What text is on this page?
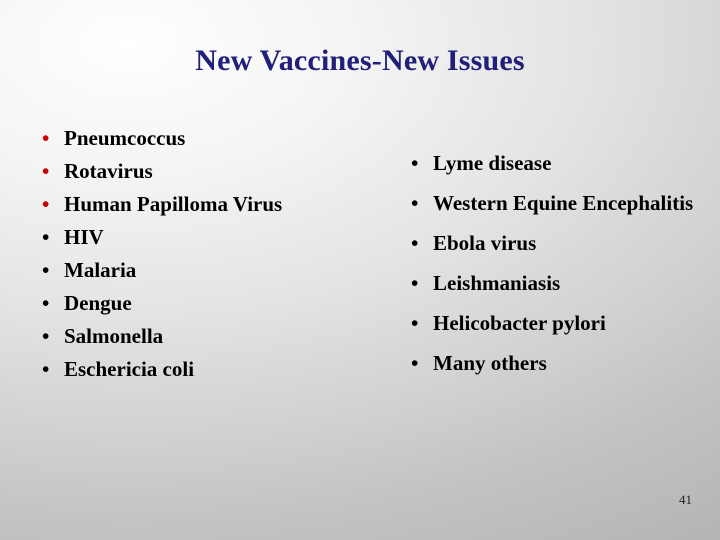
New Vaccines-New Issues
• Pneumcoccus
• Rotavirus
• Human Papilloma Virus
• HIV
• Malaria
• Dengue
• Salmonella
• Eschericia coli
• Lyme disease
• Western Equine Encephalitis
• Ebola virus
• Leishmaniasis
• Helicobacter pylori
• Many others
41
